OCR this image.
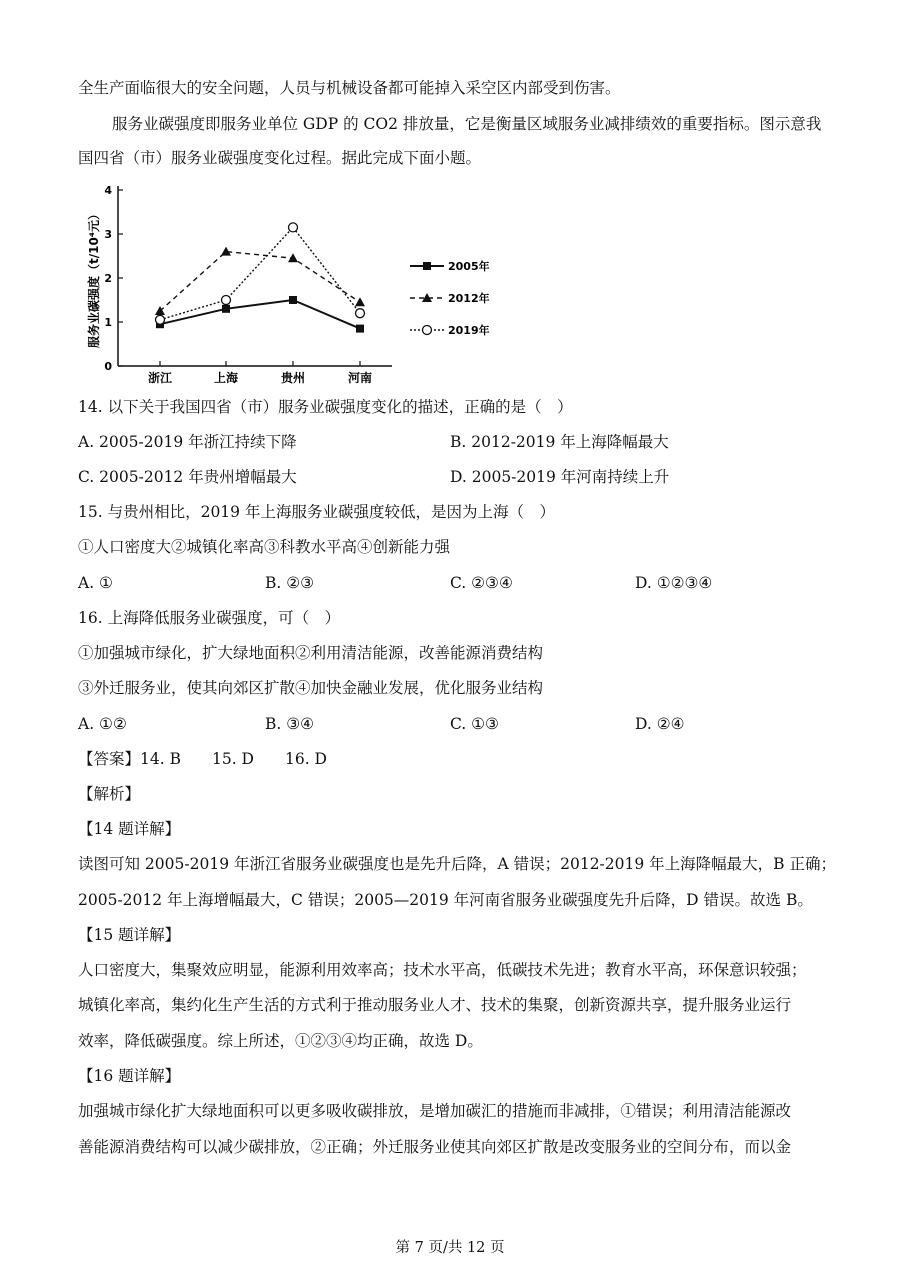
全生产面临很大的安全问题，人员与机械设备都可能掉入采空区内部受到伤害。
服务业碳强度即服务业单位 GDP 的 CO2 排放量，它是衡量区域服务业减排绩效的重要指标。图示意我
国四省（市）服务业碳强度变化过程。据此完成下面小题。
服务业碳强度（t/10⁴元）
0
1
2
3
4
浙江	上海	贵州	河南
2005年
2012年
2019年
14. 以下关于我国四省（市）服务业碳强度变化的描述，正确的是（　）
A. 2005-2019 年浙江持续下降	B. 2012-2019 年上海降幅最大
C. 2005-2012 年贵州增幅最大	D. 2005-2019 年河南持续上升
15. 与贵州相比，2019 年上海服务业碳强度较低，是因为上海（　）
①人口密度大②城镇化率高③科教水平高④创新能力强
A. ①	B. ②③	C. ②③④	D. ①②③④
16. 上海降低服务业碳强度，可（　）
①加强城市绿化，扩大绿地面积②利用清洁能源，改善能源消费结构
③外迁服务业，使其向郊区扩散④加快金融业发展，优化服务业结构
A. ①②	B. ③④	C. ①③	D. ②④
【答案】14. B　　15. D　　16. D
【解析】
【14 题详解】
读图可知 2005-2019 年浙江省服务业碳强度也是先升后降，A 错误；2012-2019 年上海降幅最大，B 正确；
2005-2012 年上海增幅最大，C 错误；2005—2019 年河南省服务业碳强度先升后降，D 错误。故选 B。
【15 题详解】
人口密度大，集聚效应明显，能源利用效率高；技术水平高，低碳技术先进；教育水平高，环保意识较强；
城镇化率高，集约化生产生活的方式利于推动服务业人才、技术的集聚，创新资源共享，提升服务业运行
效率，降低碳强度。综上所述，①②③④均正确，故选 D。
【16 题详解】
加强城市绿化扩大绿地面积可以更多吸收碳排放，是增加碳汇的措施而非减排，①错误；利用清洁能源改
善能源消费结构可以减少碳排放，②正确；外迁服务业使其向郊区扩散是改变服务业的空间分布，而以金
第 7 页/共 12 页
